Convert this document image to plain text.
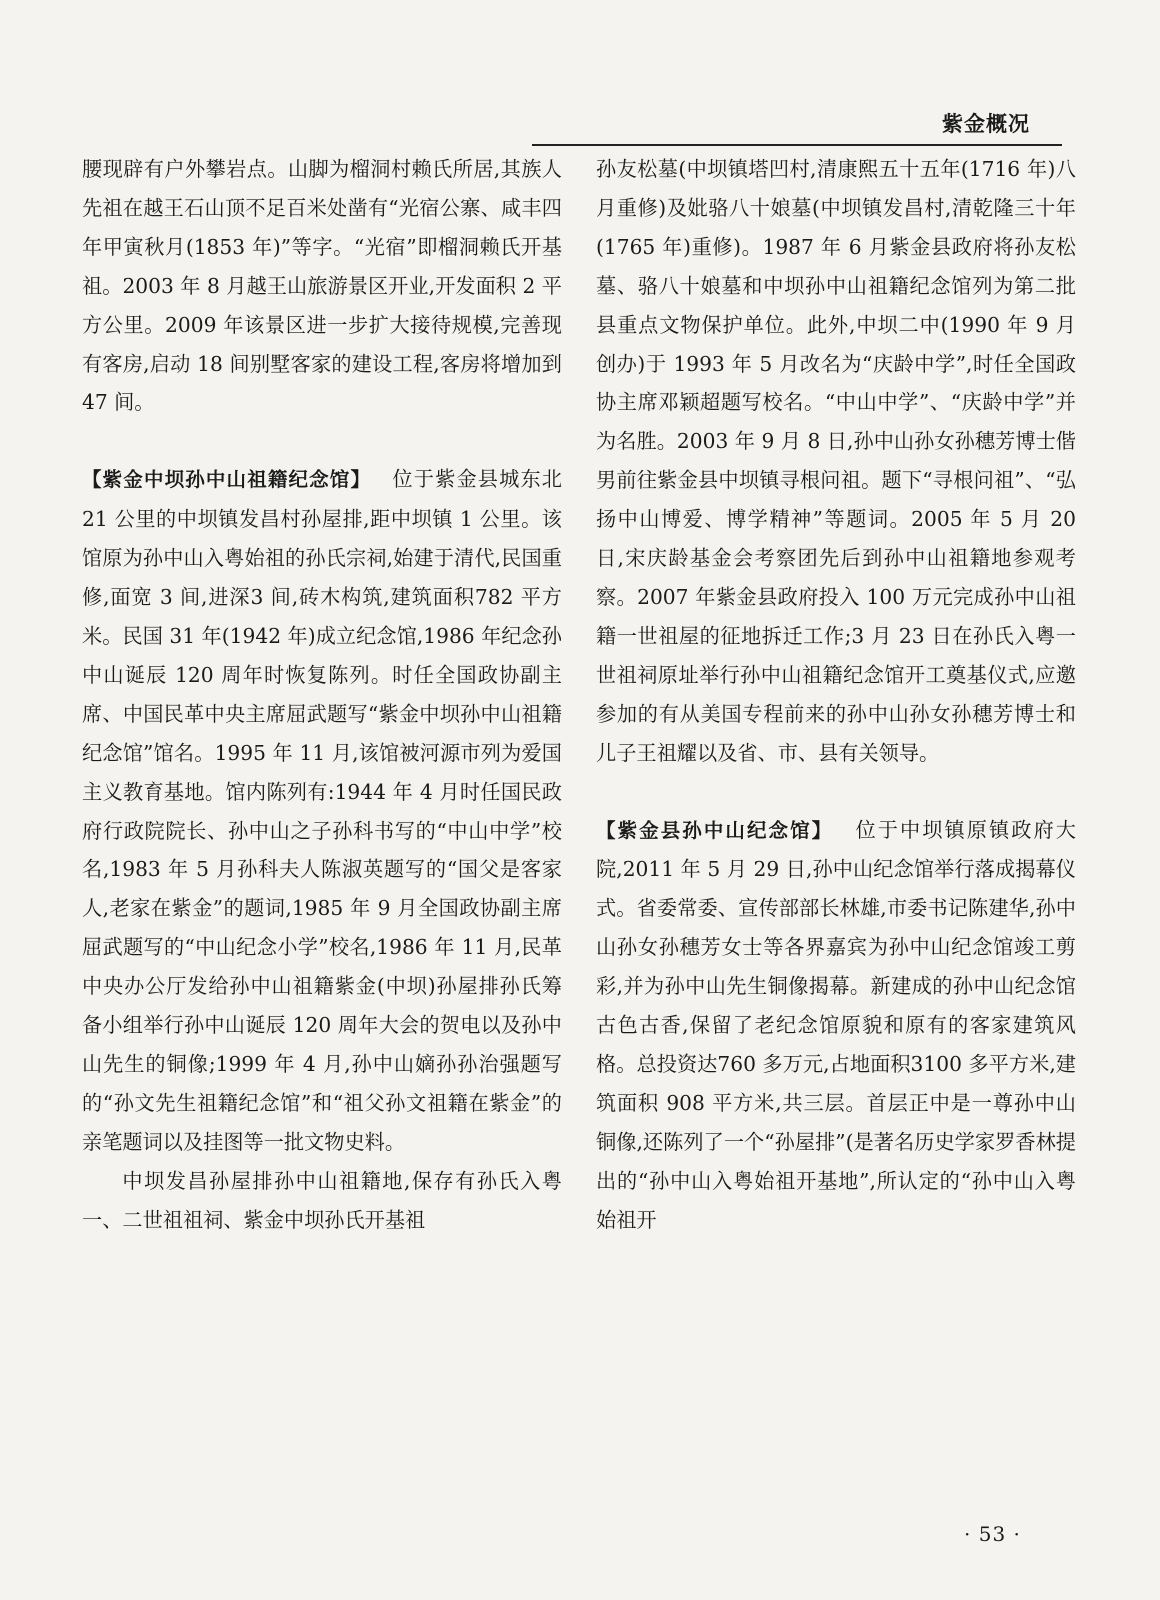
紫金概况

腰现辟有户外攀岩点。山脚为榴洞村赖氏所居,其族人先祖在越王石山顶不足百米处凿有“光宿公寨、咸丰四年甲寅秋月(1853 年)”等字。“光宿”即榴洞赖氏开基祖。2003 年 8 月越王山旅游景区开业,开发面积 2 平方公里。2009 年该景区进一步扩大接待规模,完善现有客房,启动 18 间别墅客家的建设工程,客房将增加到 47 间。

【紫金中坝孙中山祖籍纪念馆】  位于紫金县城东北 21 公里的中坝镇发昌村孙屋排,距中坝镇 1 公里。该馆原为孙中山入粤始祖的孙氏宗祠,始建于清代,民国重修,面宽 3 间,进深3 间,砖木构筑,建筑面积782 平方米。民国 31 年(1942 年)成立纪念馆,1986 年纪念孙中山诞辰 120 周年时恢复陈列。时任全国政协副主席、中国民革中央主席屈武题写“紫金中坝孙中山祖籍纪念馆”馆名。1995 年 11 月,该馆被河源市列为爱国主义教育基地。馆内陈列有:1944 年 4 月时任国民政府行政院院长、孙中山之子孙科书写的“中山中学”校名,1983 年 5 月孙科夫人陈淑英题写的“国父是客家人,老家在紫金”的题词,1985 年 9 月全国政协副主席屈武题写的“中山纪念小学”校名,1986 年 11 月,民革中央办公厅发给孙中山祖籍紫金(中坝)孙屋排孙氏筹备小组举行孙中山诞辰 120 周年大会的贺电以及孙中山先生的铜像;1999 年 4 月,孙中山嫡孙孙治强题写的“孙文先生祖籍纪念馆”和“祖父孙文祖籍在紫金”的亲笔题词以及挂图等一批文物史料。

中坝发昌孙屋排孙中山祖籍地,保存有孙氏入粤一、二世祖祖祠、紫金中坝孙氏开基祖

孙友松墓(中坝镇塔凹村,清康熙五十五年(1716 年)八月重修)及妣骆八十娘墓(中坝镇发昌村,清乾隆三十年(1765 年)重修)。1987 年 6 月紫金县政府将孙友松墓、骆八十娘墓和中坝孙中山祖籍纪念馆列为第二批县重点文物保护单位。此外,中坝二中(1990 年 9 月创办)于 1993 年 5 月改名为“庆龄中学”,时任全国政协主席邓颖超题写校名。“中山中学”、“庆龄中学”并为名胜。2003 年 9 月 8 日,孙中山孙女孙穗芳博士偕男前往紫金县中坝镇寻根问祖。题下“寻根问祖”、“弘扬中山博爱、博学精神”等题词。2005 年 5 月 20 日,宋庆龄基金会考察团先后到孙中山祖籍地参观考察。2007 年紫金县政府投入 100 万元完成孙中山祖籍一世祖屋的征地拆迁工作;3 月 23 日在孙氏入粤一世祖祠原址举行孙中山祖籍纪念馆开工奠基仪式,应邀参加的有从美国专程前来的孙中山孙女孙穗芳博士和儿子王祖耀以及省、市、县有关领导。

【紫金县孙中山纪念馆】  位于中坝镇原镇政府大院,2011 年 5 月 29 日,孙中山纪念馆举行落成揭幕仪式。省委常委、宣传部部长林雄,市委书记陈建华,孙中山孙女孙穗芳女士等各界嘉宾为孙中山纪念馆竣工剪彩,并为孙中山先生铜像揭幕。新建成的孙中山纪念馆古色古香,保留了老纪念馆原貌和原有的客家建筑风格。总投资达760 多万元,占地面积3100 多平方米,建筑面积 908 平方米,共三层。首层正中是一尊孙中山铜像,还陈列了一个“孙屋排”(是著名历史学家罗香林提出的“孙中山入粤始祖开基地”,所认定的“孙中山入粤始祖开

· 53 ·
